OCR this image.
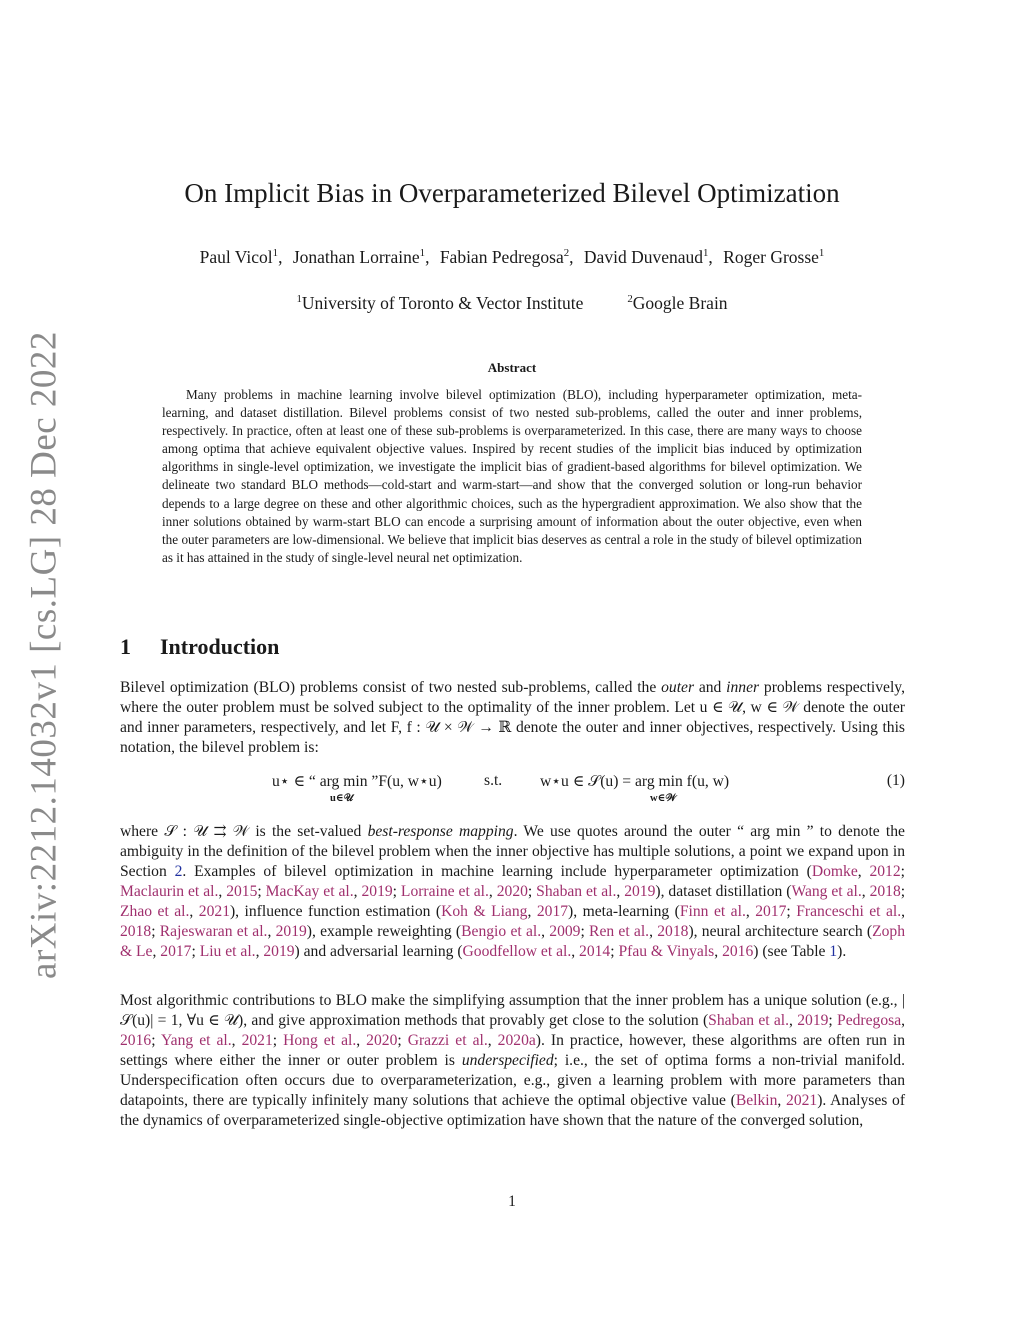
arXiv:2212.14032v1 [cs.LG] 28 Dec 2022
On Implicit Bias in Overparameterized Bilevel Optimization
Paul Vicol$^1$, Jonathan Lorraine$^1$, Fabian Pedregosa$^2$, David Duvenaud$^1$, Roger Grosse$^1$
$^1$University of Toronto & Vector Institute	$^2$Google Brain
Abstract
Many problems in machine learning involve bilevel optimization (BLO), including hyperparameter optimization, meta-learning, and dataset distillation. Bilevel problems consist of two nested sub-problems, called the outer and inner problems, respectively. In practice, often at least one of these sub-problems is overparameterized. In this case, there are many ways to choose among optima that achieve equivalent objective values. Inspired by recent studies of the implicit bias induced by optimization algorithms in single-level optimization, we investigate the implicit bias of gradient-based algorithms for bilevel optimization. We delineate two standard BLO methods—cold-start and warm-start—and show that the converged solution or long-run behavior depends to a large degree on these and other algorithmic choices, such as the hypergradient approximation. We also show that the inner solutions obtained by warm-start BLO can encode a surprising amount of information about the outer objective, even when the outer parameters are low-dimensional. We believe that implicit bias deserves as central a role in the study of bilevel optimization as it has attained in the study of single-level neural net optimization.
1 Introduction
Bilevel optimization (BLO) problems consist of two nested sub-problems, called the outer and inner problems respectively, where the outer problem must be solved subject to the optimality of the inner problem. Let u ∈ 𝒰, w ∈ 𝒲 denote the outer and inner parameters, respectively, and let F, f : 𝒰 × 𝒲 → ℝ denote the outer and inner objectives, respectively. Using this notation, the bilevel problem is:
u⋆ ∈ “ arg min ”F(u, w⋆u)
u∈𝒰
s.t. w⋆u ∈ 𝒮(u) = arg min f(u, w)
w∈𝒲
(1)
where 𝒮 : 𝒰 ⇉ 𝒲 is the set-valued best-response mapping. We use quotes around the outer “ arg min ” to denote the ambiguity in the definition of the bilevel problem when the inner objective has multiple solutions, a point we expand upon in Section 2. Examples of bilevel optimization in machine learning include hyperparameter optimization (Domke, 2012; Maclaurin et al., 2015; MacKay et al., 2019; Lorraine et al., 2020; Shaban et al., 2019), dataset distillation (Wang et al., 2018; Zhao et al., 2021), influence function estimation (Koh & Liang, 2017), meta-learning (Finn et al., 2017; Franceschi et al., 2018; Rajeswaran et al., 2019), example reweighting (Bengio et al., 2009; Ren et al., 2018), neural architecture search (Zoph & Le, 2017; Liu et al., 2019) and adversarial learning (Goodfellow et al., 2014; Pfau & Vinyals, 2016) (see Table 1).
Most algorithmic contributions to BLO make the simplifying assumption that the inner problem has a unique solution (e.g., |𝒮(u)| = 1, ∀u ∈ 𝒰), and give approximation methods that provably get close to the solution (Shaban et al., 2019; Pedregosa, 2016; Yang et al., 2021; Hong et al., 2020; Grazzi et al., 2020a). In practice, however, these algorithms are often run in settings where either the inner or outer problem is underspecified; i.e., the set of optima forms a non-trivial manifold. Underspecification often occurs due to overparameterization, e.g., given a learning problem with more parameters than datapoints, there are typically infinitely many solutions that achieve the optimal objective value (Belkin, 2021). Analyses of the dynamics of overparameterized single-objective optimization have shown that the nature of the converged solution,
1
